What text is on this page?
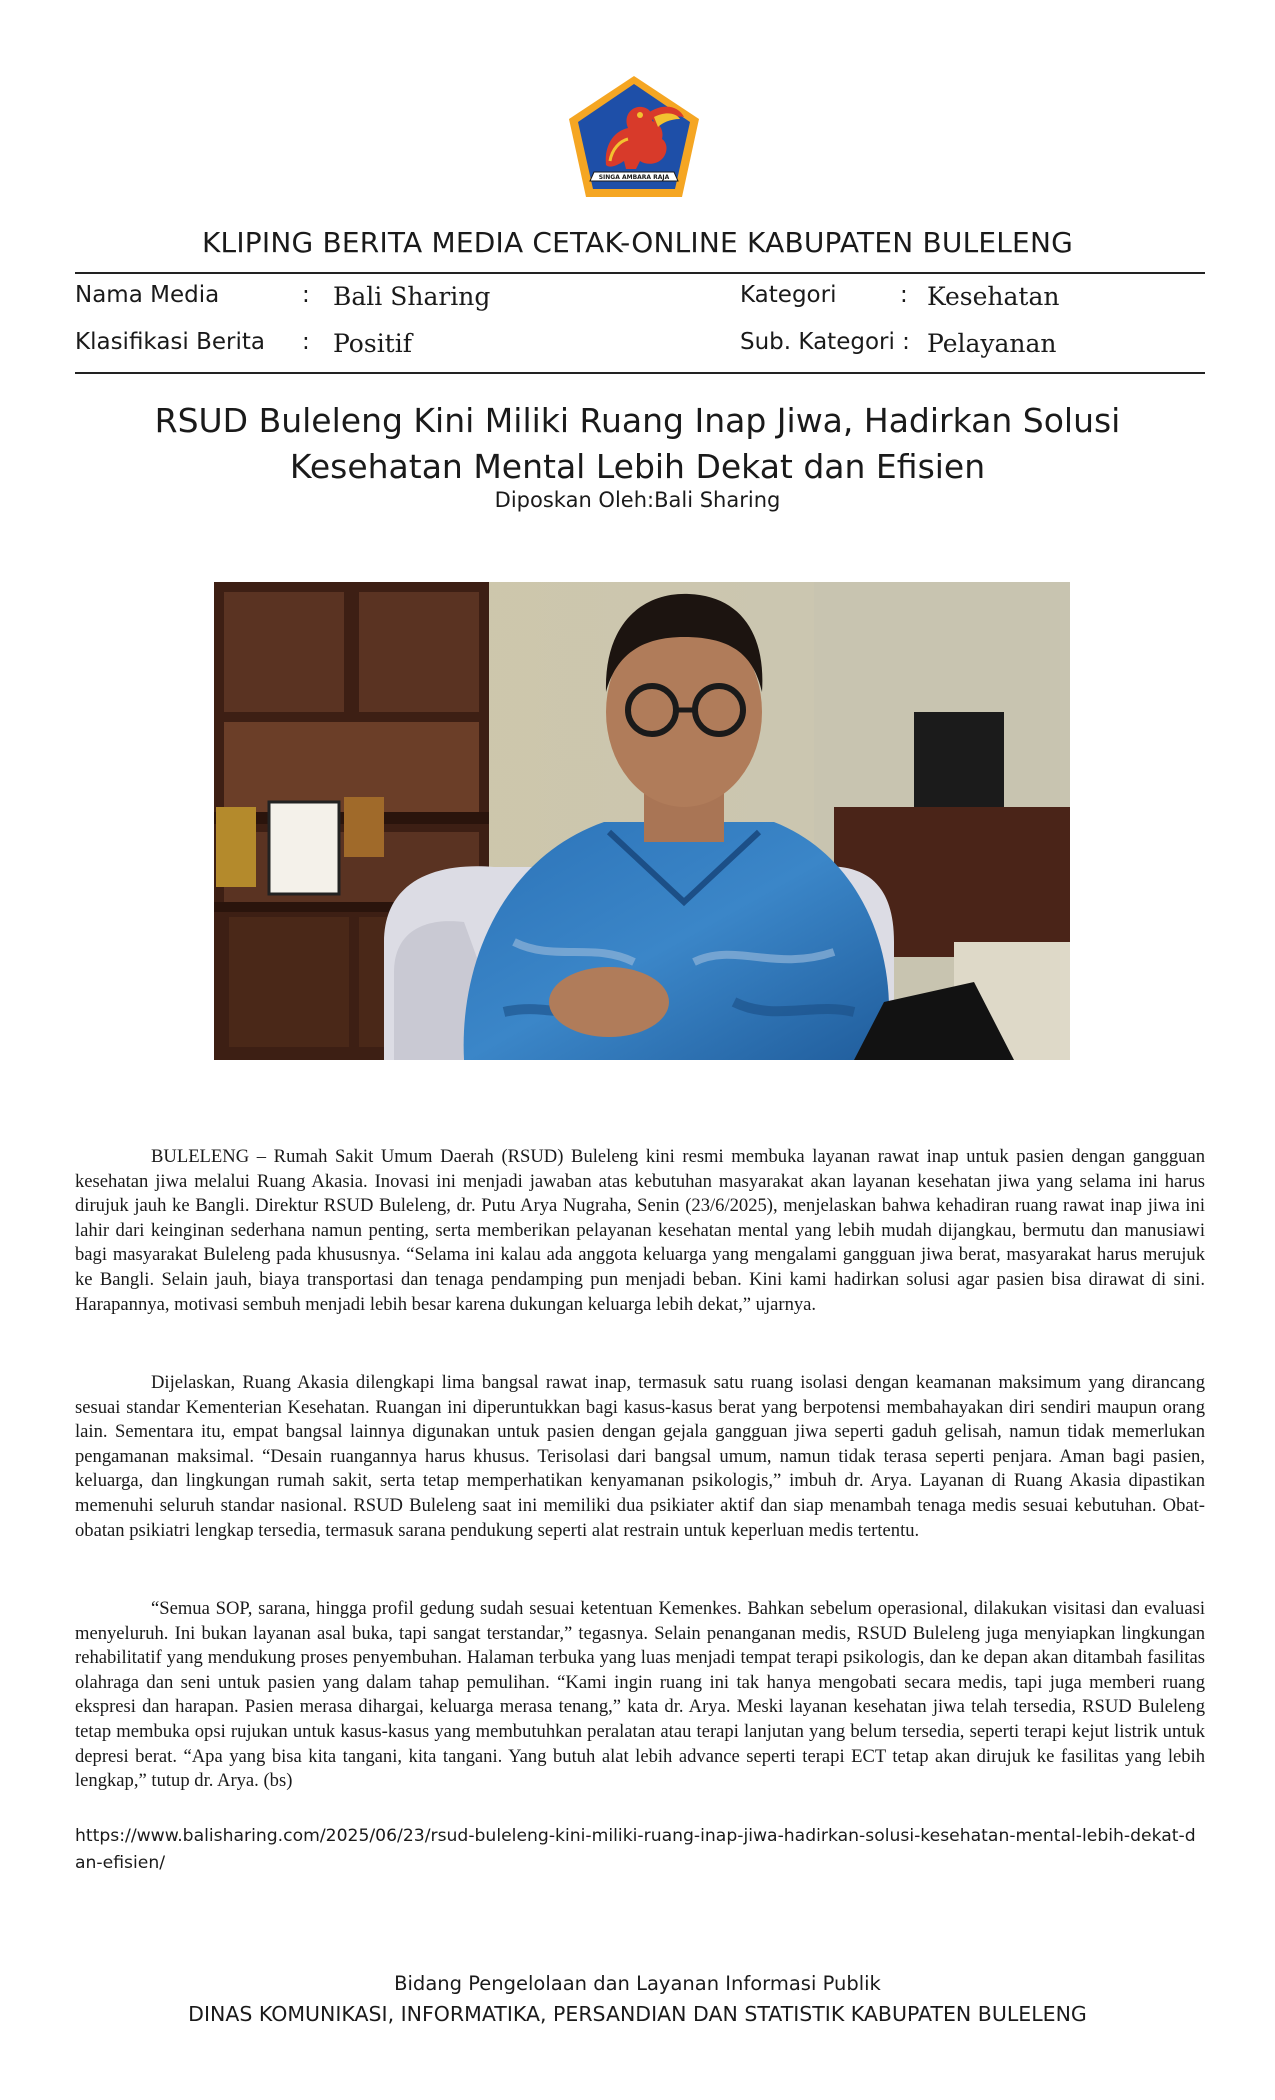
SINGA AMBARA RAJA
KLIPING BERITA MEDIA CETAK-ONLINE KABUPATEN BULELENG
Nama Media	: Bali Sharing	Kategori	: Kesehatan
Klasifikasi Berita : Positif	Sub. Kategori : Pelayanan
RSUD Buleleng Kini Miliki Ruang Inap Jiwa, Hadirkan Solusi Kesehatan Mental Lebih Dekat dan Efisien
Diposkan Oleh:Bali Sharing

BULELENG – Rumah Sakit Umum Daerah (RSUD) Buleleng kini resmi membuka layanan rawat inap untuk pasien dengan gangguan kesehatan jiwa melalui Ruang Akasia. Inovasi ini menjadi jawaban atas kebutuhan masyarakat akan layanan kesehatan jiwa yang selama ini harus dirujuk jauh ke Bangli. Direktur RSUD Buleleng, dr. Putu Arya Nugraha, Senin (23/6/2025), menjelaskan bahwa kehadiran ruang rawat inap jiwa ini lahir dari keinginan sederhana namun penting, serta memberikan pelayanan kesehatan mental yang lebih mudah dijangkau, bermutu dan manusiawi bagi masyarakat Buleleng pada khususnya. “Selama ini kalau ada anggota keluarga yang mengalami gangguan jiwa berat, masyarakat harus merujuk ke Bangli. Selain jauh, biaya transportasi dan tenaga pendamping pun menjadi beban. Kini kami hadirkan solusi agar pasien bisa dirawat di sini. Harapannya, motivasi sembuh menjadi lebih besar karena dukungan keluarga lebih dekat,” ujarnya.

Dijelaskan, Ruang Akasia dilengkapi lima bangsal rawat inap, termasuk satu ruang isolasi dengan keamanan maksimum yang dirancang sesuai standar Kementerian Kesehatan. Ruangan ini diperuntukkan bagi kasus-kasus berat yang berpotensi membahayakan diri sendiri maupun orang lain. Sementara itu, empat bangsal lainnya digunakan untuk pasien dengan gejala gangguan jiwa seperti gaduh gelisah, namun tidak memerlukan pengamanan maksimal. “Desain ruangannya harus khusus. Terisolasi dari bangsal umum, namun tidak terasa seperti penjara. Aman bagi pasien, keluarga, dan lingkungan rumah sakit, serta tetap memperhatikan kenyamanan psikologis,” imbuh dr. Arya. Layanan di Ruang Akasia dipastikan memenuhi seluruh standar nasional. RSUD Buleleng saat ini memiliki dua psikiater aktif dan siap menambah tenaga medis sesuai kebutuhan. Obat-obatan psikiatri lengkap tersedia, termasuk sarana pendukung seperti alat restrain untuk keperluan medis tertentu.

“Semua SOP, sarana, hingga profil gedung sudah sesuai ketentuan Kemenkes. Bahkan sebelum operasional, dilakukan visitasi dan evaluasi menyeluruh. Ini bukan layanan asal buka, tapi sangat terstandar,” tegasnya. Selain penanganan medis, RSUD Buleleng juga menyiapkan lingkungan rehabilitatif yang mendukung proses penyembuhan. Halaman terbuka yang luas menjadi tempat terapi psikologis, dan ke depan akan ditambah fasilitas olahraga dan seni untuk pasien yang dalam tahap pemulihan. “Kami ingin ruang ini tak hanya mengobati secara medis, tapi juga memberi ruang ekspresi dan harapan. Pasien merasa dihargai, keluarga merasa tenang,” kata dr. Arya. Meski layanan kesehatan jiwa telah tersedia, RSUD Buleleng tetap membuka opsi rujukan untuk kasus-kasus yang membutuhkan peralatan atau terapi lanjutan yang belum tersedia, seperti terapi kejut listrik untuk depresi berat. “Apa yang bisa kita tangani, kita tangani. Yang butuh alat lebih advance seperti terapi ECT tetap akan dirujuk ke fasilitas yang lebih lengkap,” tutup dr. Arya. (bs)

https://www.balisharing.com/2025/06/23/rsud-buleleng-kini-miliki-ruang-inap-jiwa-hadirkan-solusi-kesehatan-mental-lebih-dekat-dan-efisien/
Bidang Pengelolaan dan Layanan Informasi Publik
DINAS KOMUNIKASI, INFORMATIKA, PERSANDIAN DAN STATISTIK KABUPATEN BULELENG
